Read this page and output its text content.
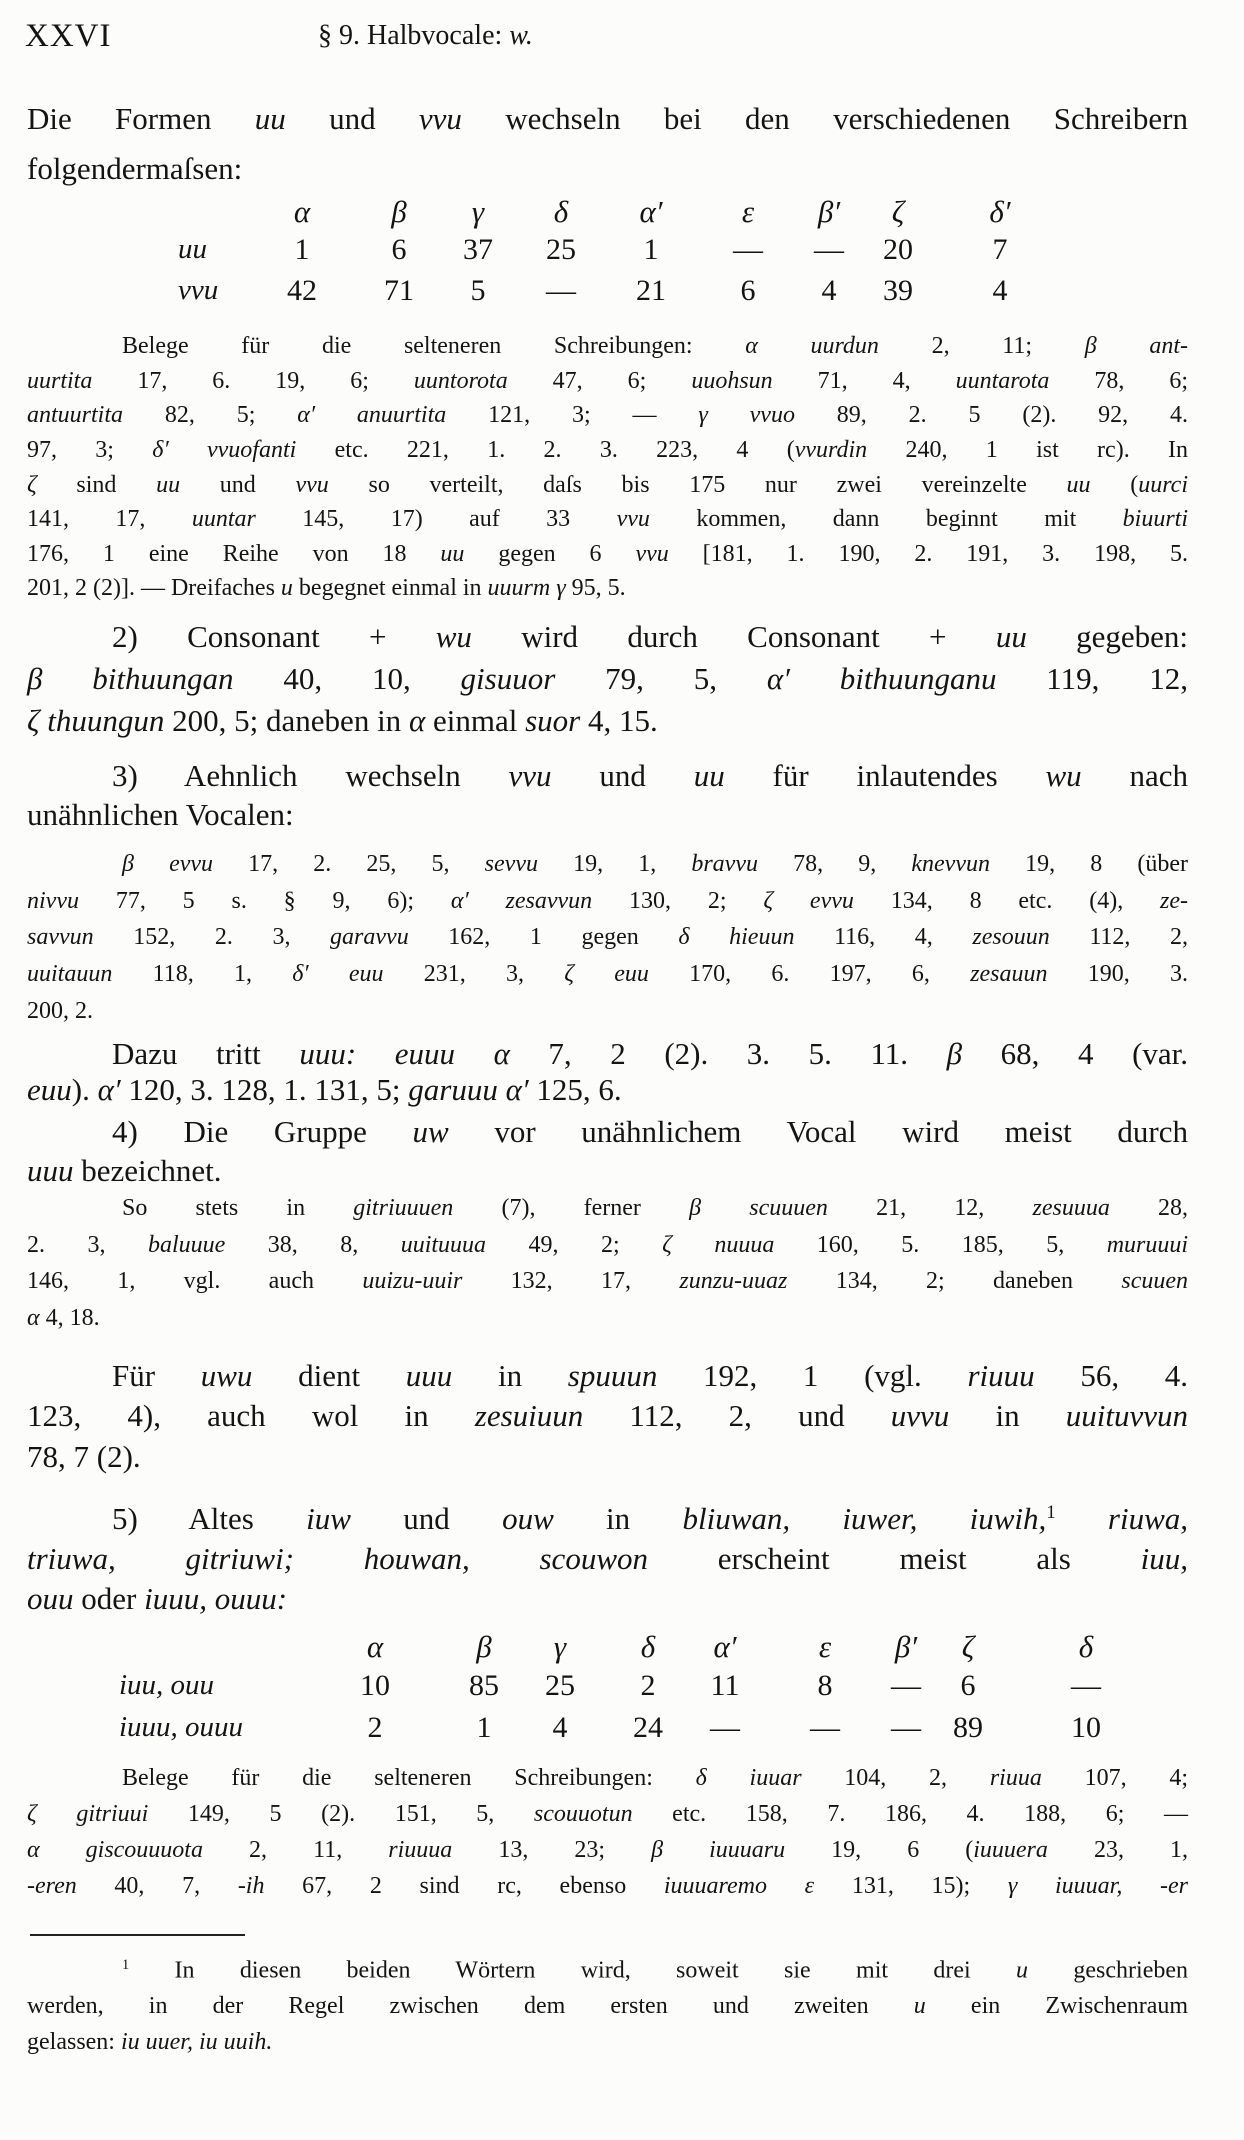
XXVI	§ 9. Halbvocale: w.
Die Formen uu und vvu wechseln bei den verschiedenen Schreibern
folgendermaſsen:
Belege für die selteneren Schreibungen: α uurdun 2, 11; β ant-
uurtita 17, 6. 19, 6; uuntorota 47, 6; uuohsun 71, 4, uuntarota 78, 6;
antuurtita 82, 5; α′ anuurtita 121, 3; — γ vvuo 89, 2. 5 (2). 92, 4.
97, 3; δ′ vvuofanti etc. 221, 1. 2. 3. 223, 4 (vvurdin 240, 1 ist rc). In
ζ sind uu und vvu so verteilt, daſs bis 175 nur zwei vereinzelte uu (uurci
141, 17, uuntar 145, 17) auf 33 vvu kommen, dann beginnt mit biuurti
176, 1 eine Reihe von 18 uu gegen 6 vvu [181, 1. 190, 2. 191, 3. 198, 5.
201, 2 (2)]. — Dreifaches u begegnet einmal in uuurm γ 95, 5.
2) Consonant + wu wird durch Consonant + uu gegeben:
β bithuungan 40, 10, gisuuor 79, 5, α′ bithuunganu 119, 12,
ζ thuungun 200, 5; daneben in α einmal suor 4, 15.
3) Aehnlich wechseln vvu und uu für inlautendes wu nach
unähnlichen Vocalen:
β evvu 17, 2. 25, 5, sevvu 19, 1, bravvu 78, 9, knevvun 19, 8 (über
nivvu 77, 5 s. § 9, 6); α′ zesavvun 130, 2; ζ evvu 134, 8 etc. (4), ze-
savvun 152, 2. 3, garavvu 162, 1 gegen δ hieuun 116, 4, zesouun 112, 2,
uuitauun 118, 1, δ′ euu 231, 3, ζ euu 170, 6. 197, 6, zesauun 190, 3.
200, 2.
Dazu tritt uuu: euuu α 7, 2 (2). 3. 5. 11. β 68, 4 (var.
euu). α′ 120, 3. 128, 1. 131, 5; garuuu α′ 125, 6.
4) Die Gruppe uw vor unähnlichem Vocal wird meist durch
uuu bezeichnet.
So stets in gitriuuuen (7), ferner β scuuuen 21, 12, zesuuua 28,
2. 3, baluuue 38, 8, uuituuua 49, 2; ζ nuuua 160, 5. 185, 5, muruuui
146, 1, vgl. auch uuizu-uuir 132, 17, zunzu-uuaz 134, 2; daneben scuuen
α 4, 18.
Für uwu dient uuu in spuuun 192, 1 (vgl. riuuu 56, 4.
123, 4), auch wol in zesuiuun 112, 2, und uvvu in uuituvvun
78, 7 (2).
5) Altes iuw und ouw in bliuwan, iuwer, iuwih,$^1$ riuwa,
triuwa, gitriuwi; houwan, scouwon erscheint meist als iuu,
ouu oder iuuu, ouuu:
Belege für die selteneren Schreibungen: δ iuuar 104, 2, riuua 107, 4;
ζ gitriuui 149, 5 (2). 151, 5, scouuotun etc. 158, 7. 186, 4. 188, 6; —
α giscouuuota 2, 11, riuuua 13, 23; β iuuuaru 19, 6 (iuuuera 23, 1,
-eren 40, 7, -ih 67, 2 sind rc, ebenso iuuuaremo ε 131, 15); γ iuuuar, -er
$^1$ In diesen beiden Wörtern wird, soweit sie mit drei u geschrieben
werden, in der Regel zwischen dem ersten und zweiten u ein Zwischenraum
gelassen: iu uuer, iu uuih.
α	β γ δ α′	ε β′ ζ	δ′
uu	1	6 37 25 1 — — 20	7
vvu 42 71 5 — 21 6 4 39	4
α	β γ δ α′	ε β′ ζ	δ
iuu, ouu	10	85 25 2 11	8 — 6	—
iuuu, ouuu	2	1 4 24 — — — 89	10
